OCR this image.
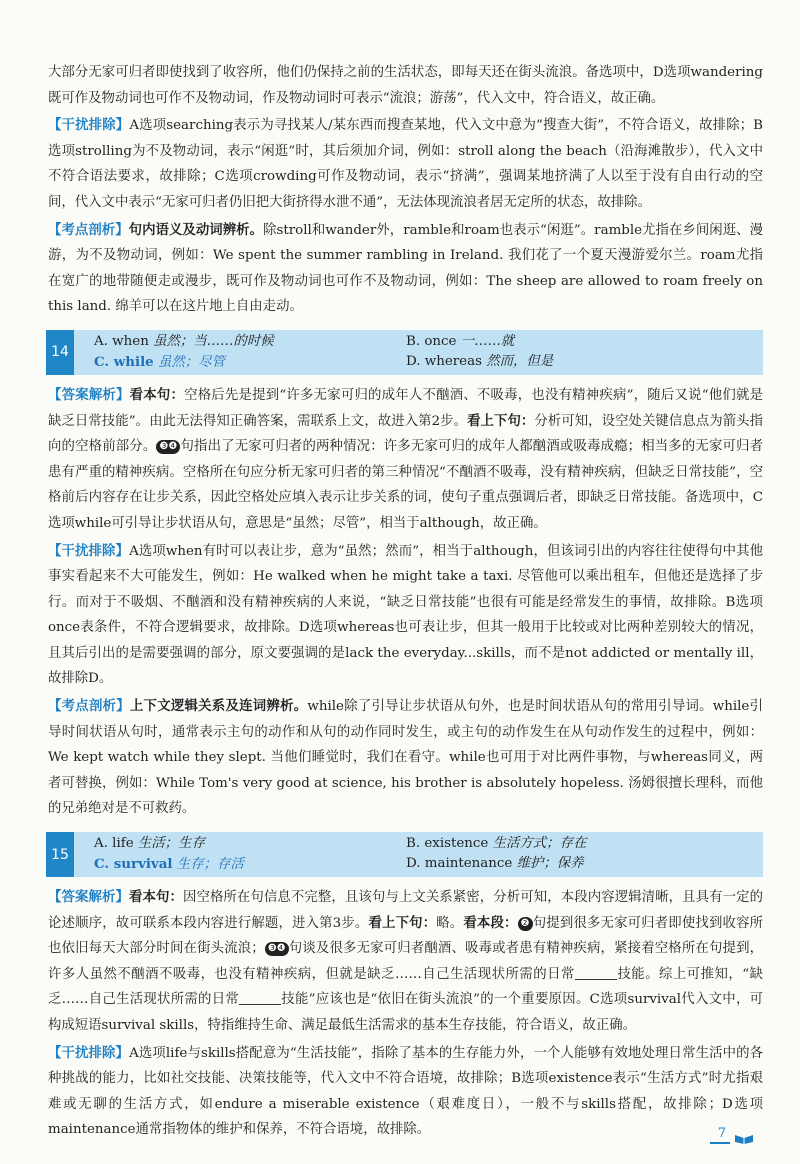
大部分无家可归者即使找到了收容所，他们仍保持之前的生活状态，即每天还在街头流浪。备选项中，D选项wandering既可作及物动词也可作不及物动词，作及物动词时可表示“流浪；游荡”，代入文中，符合语义，故正确。

【干扰排除】A选项searching表示为寻找某人/某东西而搜查某地，代入文中意为“搜查大街”，不符合语义，故排除；B选项strolling为不及物动词，表示“闲逛”时，其后须加介词，例如：stroll along the beach（沿海滩散步），代入文中不符合语法要求，故排除；C选项crowding可作及物动词，表示“挤满”，强调某地挤满了人以至于没有自由行动的空间，代入文中表示“无家可归者仍旧把大街挤得水泄不通”，无法体现流浪者居无定所的状态，故排除。

【考点剖析】句内语义及动词辨析。除stroll和wander外，ramble和roam也表示“闲逛”。ramble尤指在乡间闲逛、漫游，为不及物动词，例如：We spent the summer rambling in Ireland. 我们花了一个夏天漫游爱尔兰。roam尤指在宽广的地带随便走或漫步，既可作及物动词也可作不及物动词，例如：The sheep are allowed to roam freely on this land. 绵羊可以在这片地上自由走动。

14
A. when 虽然；当……的时候	B. once 一……就
C. while 虽然；尽管	D. whereas 然而，但是

【答案解析】看本句：空格后先是提到“许多无家可归的成年人不酗酒、不吸毒，也没有精神疾病”，随后又说“他们就是缺乏日常技能”。由此无法得知正确答案，需联系上文，故进入第2步。看上下句：分析可知，设空处关键信息点为箭头指向的空格前部分。 ❸❹ 句指出了无家可归者的两种情况：许多无家可归的成年人都酗酒或吸毒成瘾；相当多的无家可归者患有严重的精神疾病。空格所在句应分析无家可归者的第三种情况“不酗酒不吸毒，没有精神疾病，但缺乏日常技能”，空格前后内容存在让步关系，因此空格处应填入表示让步关系的词，使句子重点强调后者，即缺乏日常技能。备选项中，C选项while可引导让步状语从句，意思是“虽然；尽管”，相当于although，故正确。

【干扰排除】A选项when有时可以表让步，意为“虽然；然而”，相当于although，但该词引出的内容往往使得句中其他事实看起来不大可能发生，例如：He walked when he might take a taxi. 尽管他可以乘出租车，但他还是选择了步行。而对于不吸烟、不酗酒和没有精神疾病的人来说，“缺乏日常技能”也很有可能是经常发生的事情，故排除。B选项once表条件，不符合逻辑要求，故排除。D选项whereas也可表让步，但其一般用于比较或对比两种差别较大的情况，且其后引出的是需要强调的部分，原文要强调的是lack the everyday...skills，而不是not addicted or mentally ill，故排除D。

【考点剖析】上下文逻辑关系及连词辨析。while除了引导让步状语从句外，也是时间状语从句的常用引导词。while引导时间状语从句时，通常表示主句的动作和从句的动作同时发生，或主句的动作发生在从句动作发生的过程中，例如：We kept watch while they slept. 当他们睡觉时，我们在看守。while也可用于对比两件事物，与whereas同义，两者可替换，例如：While Tom's very good at science, his brother is absolutely hopeless. 汤姆很擅长理科，而他的兄弟绝对是不可救药。

15
A. life 生活；生存	B. existence 生活方式；存在
C. survival 生存；存活	D. maintenance 维护；保养

【答案解析】看本句：因空格所在句信息不完整，且该句与上文关系紧密，分析可知，本段内容逻辑清晰，且具有一定的论述顺序，故可联系本段内容进行解题，进入第3步。看上下句：略。看本段： ❷ 句提到很多无家可归者即使找到收容所也依旧每天大部分时间在街头流浪； ❸❹ 句谈及很多无家可归者酗酒、吸毒或者患有精神疾病，紧接着空格所在句提到，许多人虽然不酗酒不吸毒，也没有精神疾病，但就是缺乏……自己生活现状所需的日常	技能。综上可推知，“缺乏……自己生活现状所需的日常	技能”应该也是“依旧在街头流浪”的一个重要原因。C选项survival代入文中，可构成短语survival skills，特指维持生命、满足最低生活需求的基本生存技能，符合语义，故正确。

【干扰排除】A选项life与skills搭配意为“生活技能”，指除了基本的生存能力外，一个人能够有效地处理日常生活中的各种挑战的能力，比如社交技能、决策技能等，代入文中不符合语境，故排除；B选项existence表示“生活方式”时尤指艰难或无聊的生活方式，如endure a miserable existence（艰难度日），一般不与skills搭配，故排除；D选项maintenance通常指物体的维护和保养，不符合语境，故排除。	7
